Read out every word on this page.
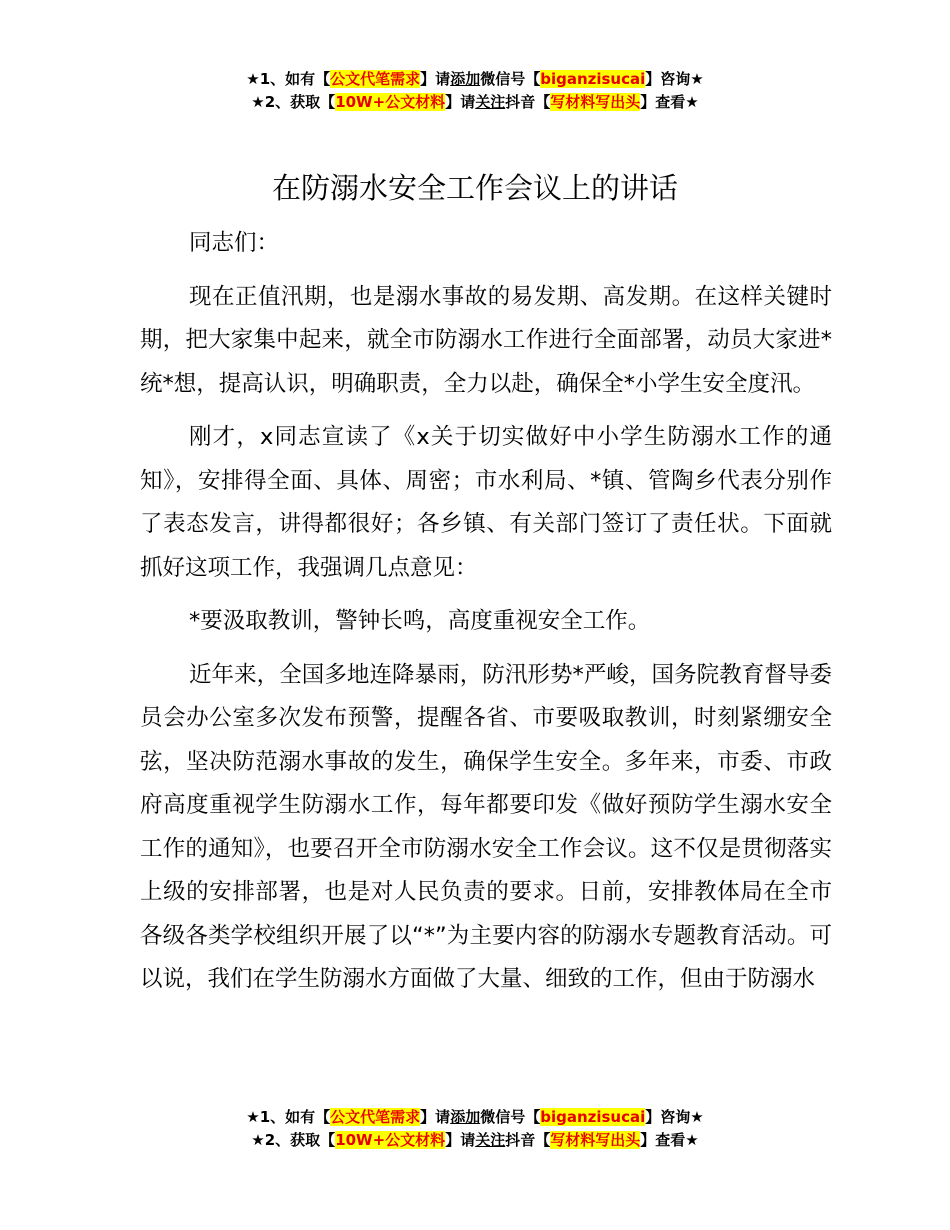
★1、如有【公文代笔需求】请添加微信号【biganzisucai】咨询★
★2、获取【10W+公文材料】请关注抖音【写材料写出头】查看★
在防溺水安全工作会议上的讲话

同志们：

现在正值汛期，也是溺水事故的易发期、高发期。在这样关键时期，把大家集中起来，就全市防溺水工作进行全面部署，动员大家进*统*想，提高认识，明确职责，全力以赴，确保全*小学生安全度汛。

刚才，x同志宣读了《x关于切实做好中小学生防溺水工作的通知》，安排得全面、具体、周密；市水利局、*镇、管陶乡代表分别作了表态发言，讲得都很好；各乡镇、有关部门签订了责任状。下面就抓好这项工作，我强调几点意见：

*要汲取教训，警钟长鸣，高度重视安全工作。

近年来，全国多地连降暴雨，防汛形势*严峻，国务院教育督导委员会办公室多次发布预警，提醒各省、市要吸取教训，时刻紧绷安全弦，坚决防范溺水事故的发生，确保学生安全。多年来，市委、市政府高度重视学生防溺水工作，每年都要印发《做好预防学生溺水安全工作的通知》，也要召开全市防溺水安全工作会议。这不仅是贯彻落实上级的安排部署，也是对人民负责的要求。日前，安排教体局在全市各级各类学校组织开展了以“*”为主要内容的防溺水专题教育活动。可以说，我们在学生防溺水方面做了大量、细致的工作，但由于防溺水

★1、如有【公文代笔需求】请添加微信号【biganzisucai】咨询★
★2、获取【10W+公文材料】请关注抖音【写材料写出头】查看★
